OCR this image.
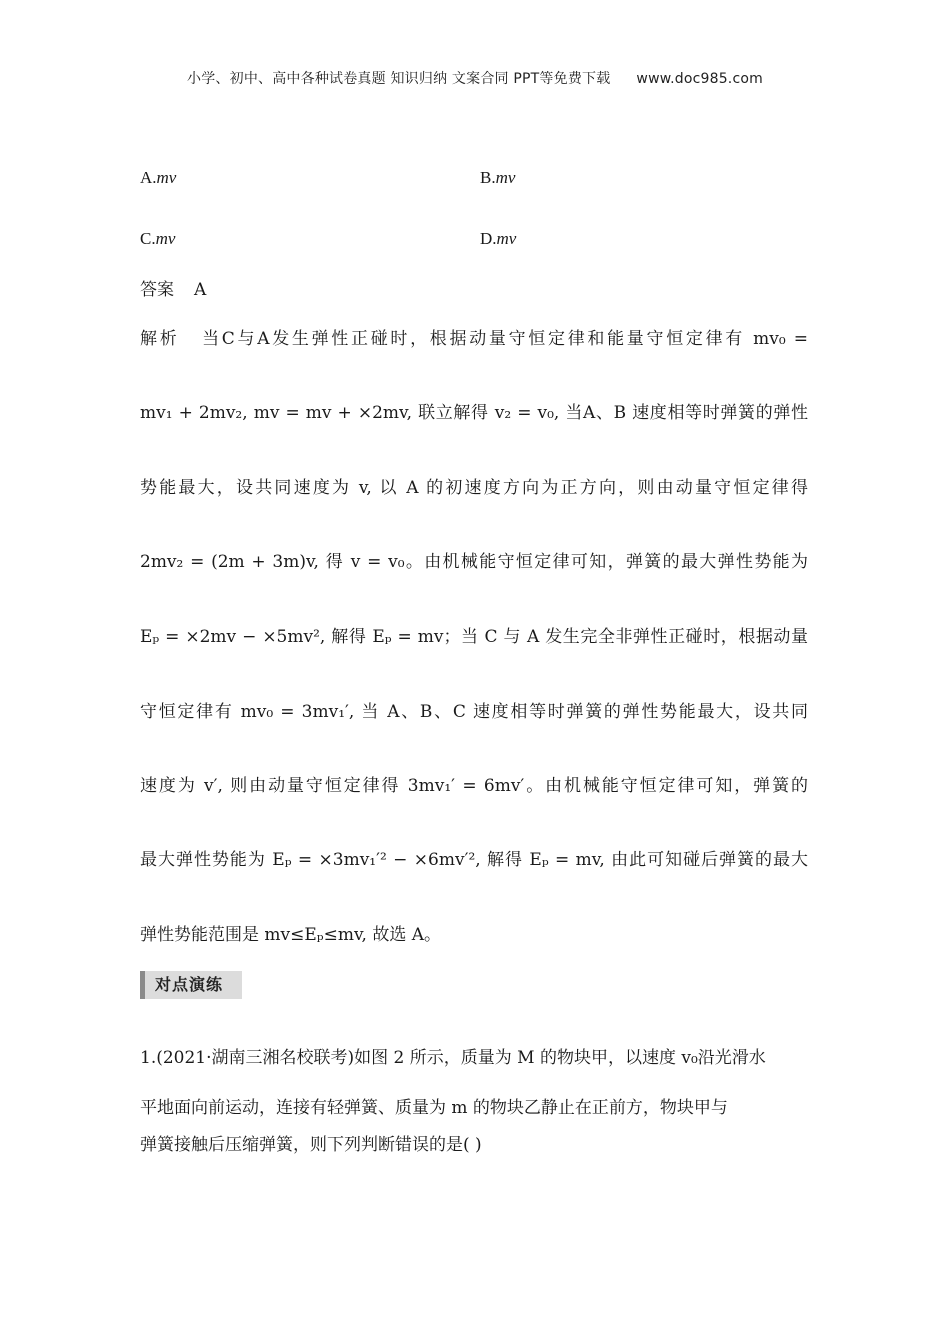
小学、初中、高中各种试卷真题 知识归纳 文案合同 PPT等免费下载 www.doc985.com
A.mv	B.mv
C.mv	D.mv
答案 A
解析 当C与A发生弹性正碰时，根据动量守恒定律和能量守恒定律有 mv₀ =
mv₁ + 2mv₂, mv = mv + ×2mv, 联立解得 v₂ = v₀, 当A、B 速度相等时弹簧的弹性
势能最大，设共同速度为 v, 以 A 的初速度方向为正方向，则由动量守恒定律得
2mv₂ = (2m + 3m)v, 得 v = v₀。由机械能守恒定律可知，弹簧的最大弹性势能为
Eₚ = ×2mv − ×5mv², 解得 Eₚ = mv；当 C 与 A 发生完全非弹性正碰时，根据动量
守恒定律有 mv₀ = 3mv₁′, 当 A、B、C 速度相等时弹簧的弹性势能最大，设共同
速度为 v′, 则由动量守恒定律得 3mv₁′ = 6mv′。由机械能守恒定律可知，弹簧的
最大弹性势能为 Eₚ = ×3mv₁′² − ×6mv′², 解得 Eₚ = mv, 由此可知碰后弹簧的最大
弹性势能范围是 mv≤Eₚ≤mv, 故选 A。
对点演练
1.(2021·湖南三湘名校联考)如图 2 所示，质量为 M 的物块甲，以速度 v₀沿光滑水
平地面向前运动，连接有轻弹簧、质量为 m 的物块乙静止在正前方，物块甲与
弹簧接触后压缩弹簧，则下列判断错误的是( )
